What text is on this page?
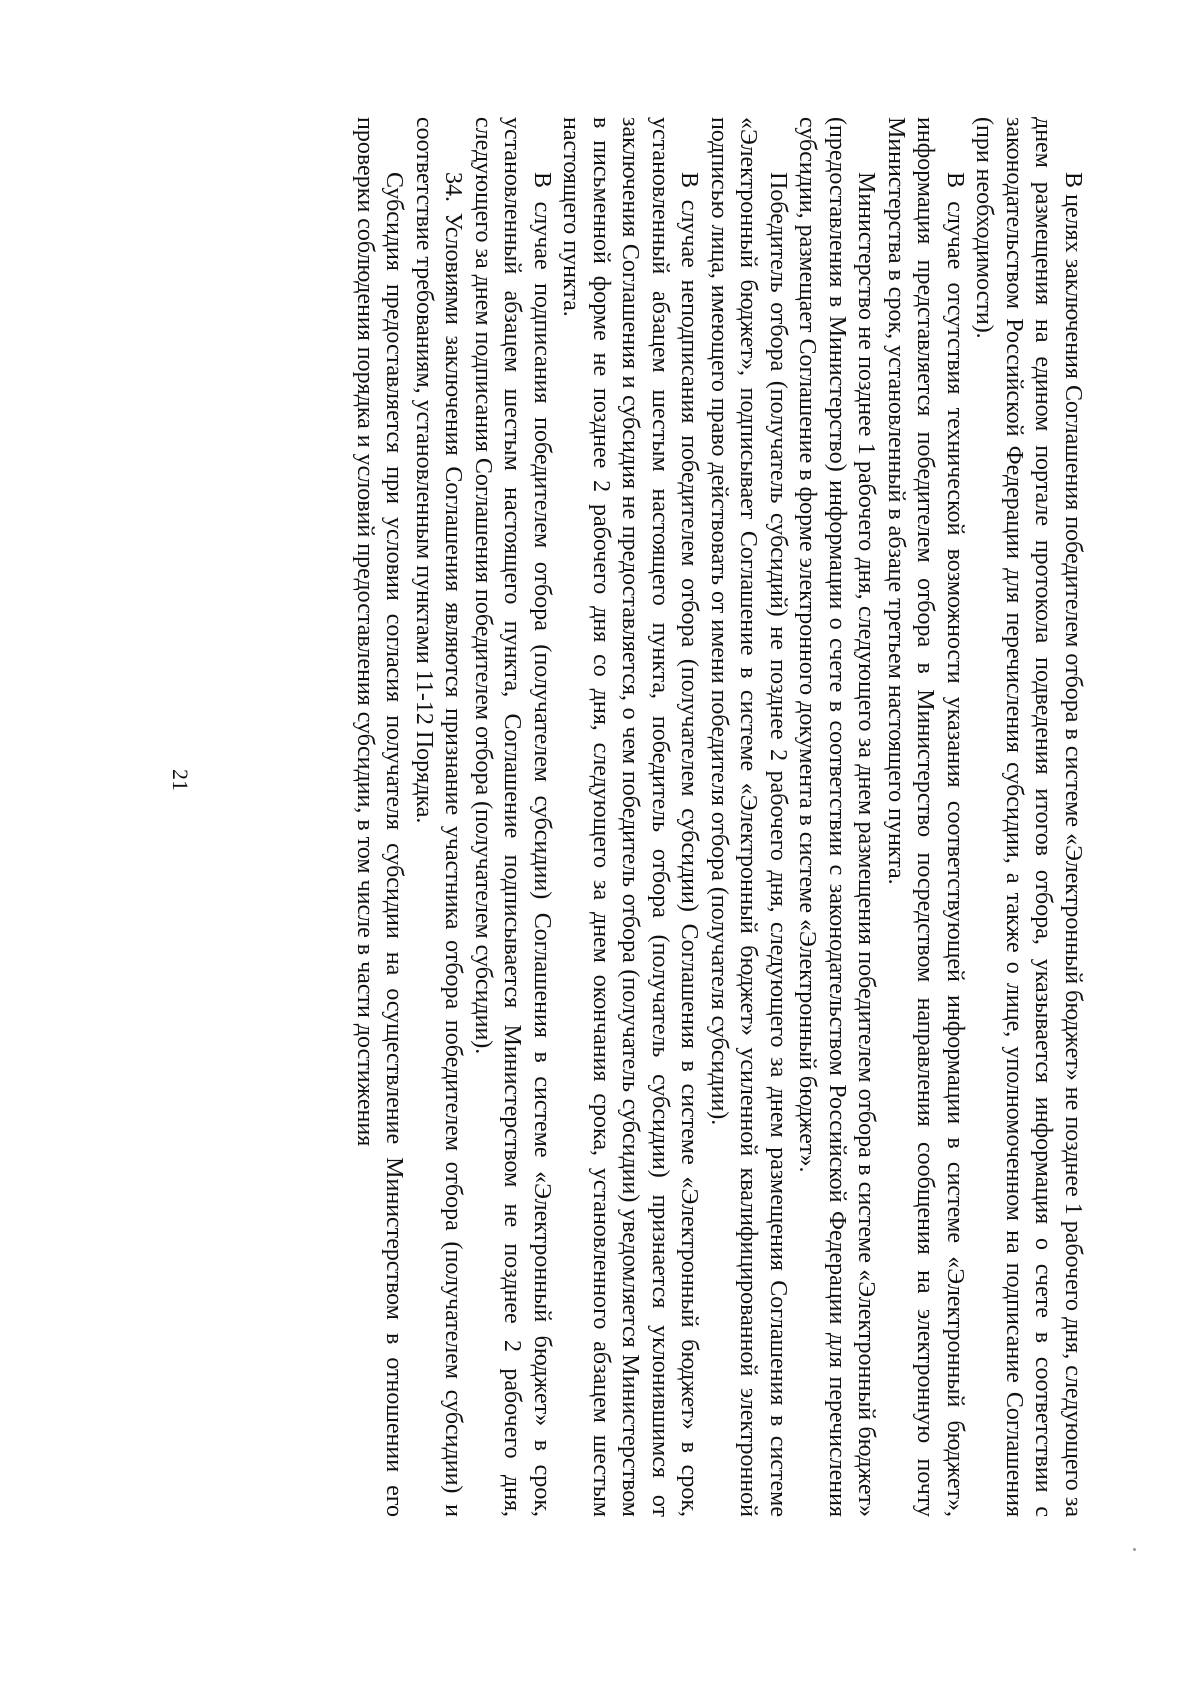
21	В целях заключения Соглашения победителем отбора в системе «Электронный бюджет» не позднее 1 рабочего дня, следующего за днем размещения на едином портале протокола подведения итогов отбора, указывается информация о счете в соответствии с законодательством Российской Федерации для перечисления субсидии, а также о лице, уполномоченном на подписание Соглашения (при необходимости).

В случае отсутствия технической возможности указания соответствующей информации в системе «Электронный бюджет», информация представляется победителем отбора в Министерство посредством направления сообщения на электронную почту Министерства в срок, установленный в абзаце третьем настоящего пункта.

Министерство не позднее 1 рабочего дня, следующего за днем размещения победителем отбора в системе «Электронный бюджет» (предоставления в Министерство) информации о счете в соответствии с законодательством Российской Федерации для перечисления субсидии, размещает Соглашение в форме электронного документа в системе «Электронный бюджет».

Победитель отбора (получатель субсидий) не позднее 2 рабочего дня, следующего за днем размещения Соглашения в системе «Электронный бюджет», подписывает Соглашение в системе «Электронный бюджет» усиленной квалифицированной электронной подписью лица, имеющего право действовать от имени победителя отбора (получателя субсидии).

В случае неподписания победителем отбора (получателем субсидии) Соглашения в системе «Электронный бюджет» в срок, установленный абзацем шестым настоящего пункта, победитель отбора (получатель субсидии) признается уклонившимся от заключения Соглашения и субсидия не предоставляется, о чем победитель отбора (получатель субсидии) уведомляется Министерством в письменной форме не позднее 2 рабочего дня со дня, следующего за днем окончания срока, установленного абзацем шестым настоящего пункта.

В случае подписания победителем отбора (получателем субсидии) Соглашения в системе «Электронный бюджет» в срок, установленный абзацем шестым настоящего пункта, Соглашение подписывается Министерством не позднее 2 рабочего дня, следующего за днем подписания Соглашения победителем отбора (получателем субсидии).

34. Условиями заключения Соглашения являются признание участника отбора победителем отбора (получателем субсидии) и соответствие требованиям, установленным пунктами 11-12 Порядка.

Субсидия предоставляется при условии согласия получателя субсидии на осуществление Министерством в отношении его проверки соблюдения порядка и условий предоставления субсидии, в том числе в части достижения
